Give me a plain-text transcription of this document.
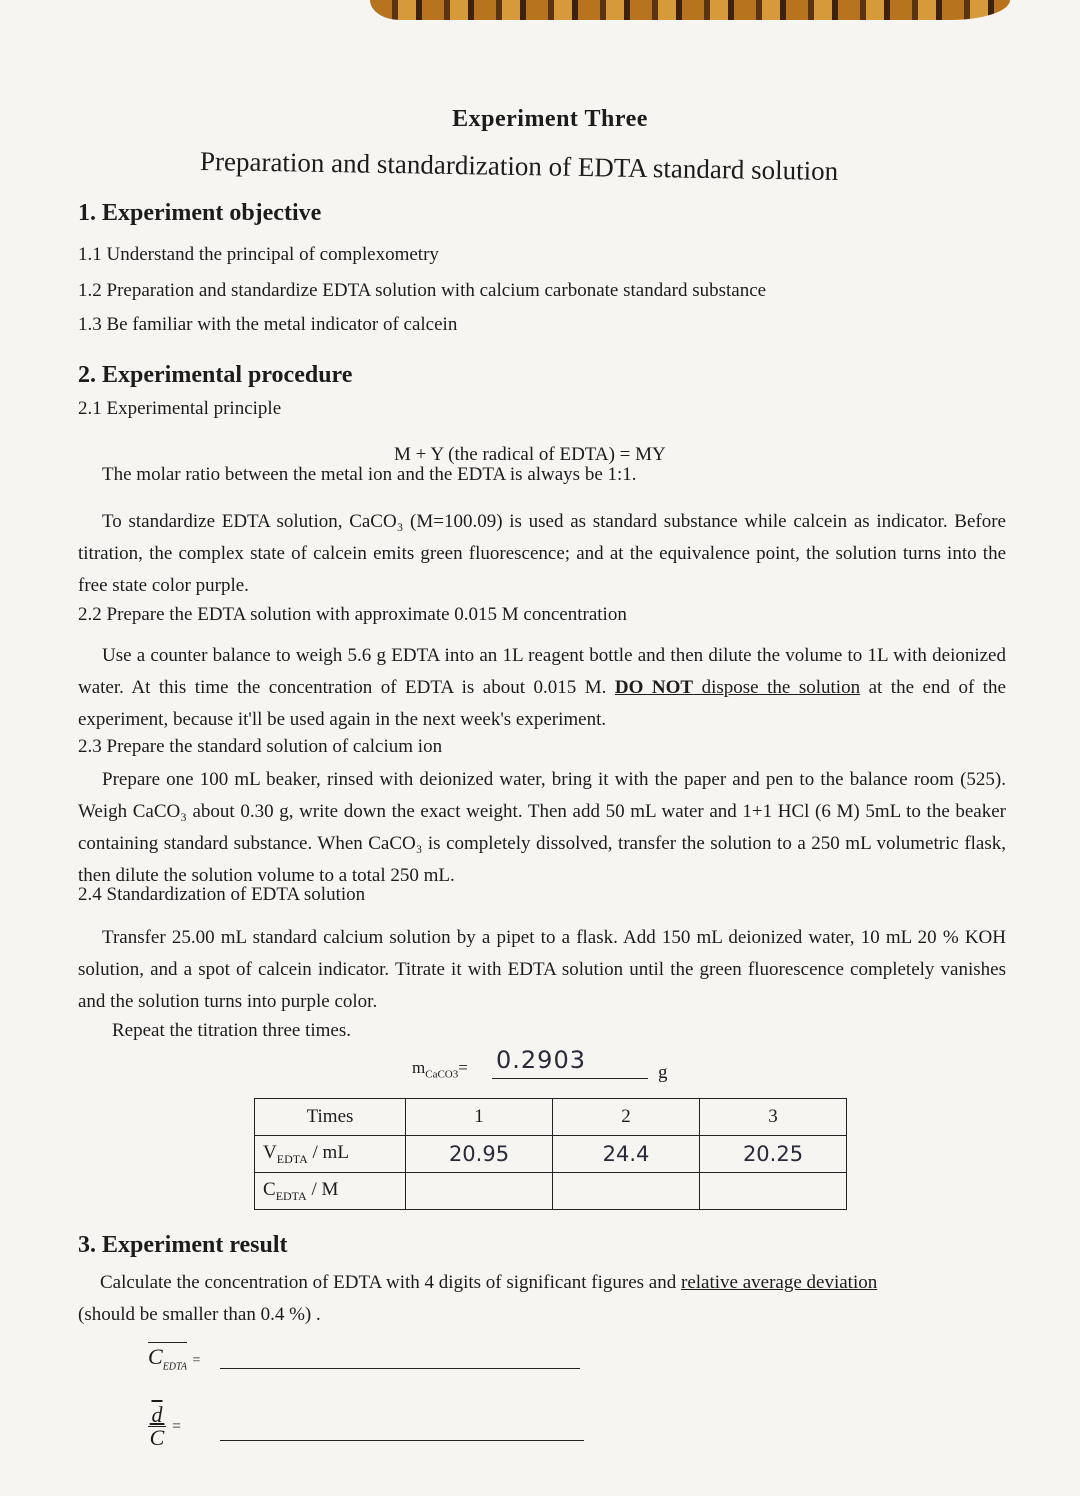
Experiment Three
Preparation and standardization of EDTA standard solution
1. Experiment objective
1.1 Understand the principal of complexometry
1.2 Preparation and standardize EDTA solution with calcium carbonate standard substance
1.3 Be familiar with the metal indicator of calcein
2. Experimental procedure
2.1 Experimental principle
M + Y (the radical of EDTA) = MY
The molar ratio between the metal ion and the EDTA is always be 1:1.
To standardize EDTA solution, CaCO₃ (M=100.09) is used as standard substance while calcein as indicator. Before titration, the complex state of calcein emits green fluorescence; and at the equivalence point, the solution turns into the free state color purple.
2.2 Prepare the EDTA solution with approximate 0.015 M concentration
Use a counter balance to weigh 5.6 g EDTA into an 1L reagent bottle and then dilute the volume to 1L with deionized water. At this time the concentration of EDTA is about 0.015 M. DO NOT dispose the solution at the end of the experiment, because it'll be used again in the next week's experiment.
2.3 Prepare the standard solution of calcium ion
Prepare one 100 mL beaker, rinsed with deionized water, bring it with the paper and pen to the balance room (525). Weigh CaCO₃ about 0.30 g, write down the exact weight. Then add 50 mL water and 1+1 HCl (6 M) 5mL to the beaker containing standard substance. When CaCO₃ is completely dissolved, transfer the solution to a 250 mL volumetric flask, then dilute the solution volume to a total 250 mL.
2.4 Standardization of EDTA solution
Transfer 25.00 mL standard calcium solution by a pipet to a flask. Add 150 mL deionized water, 10 mL 20 % KOH solution, and a spot of calcein indicator. Titrate it with EDTA solution until the green fluorescence completely vanishes and the solution turns into purple color.
Repeat the titration three times.
$m_{CaCO3}= 0.2903$	g
Times	1	2	3
$V_{EDTA}$ / mL	20.95	24.4	20.25
$C_{EDTA}$ / M			
3. Experiment result
Calculate the concentration of EDTA with 4 digits of significant figures and relative average deviation
(should be smaller than 0.4 %) .
$C_{EDTA}$ =
$\overline{d}$
$\overline{C}$ =
